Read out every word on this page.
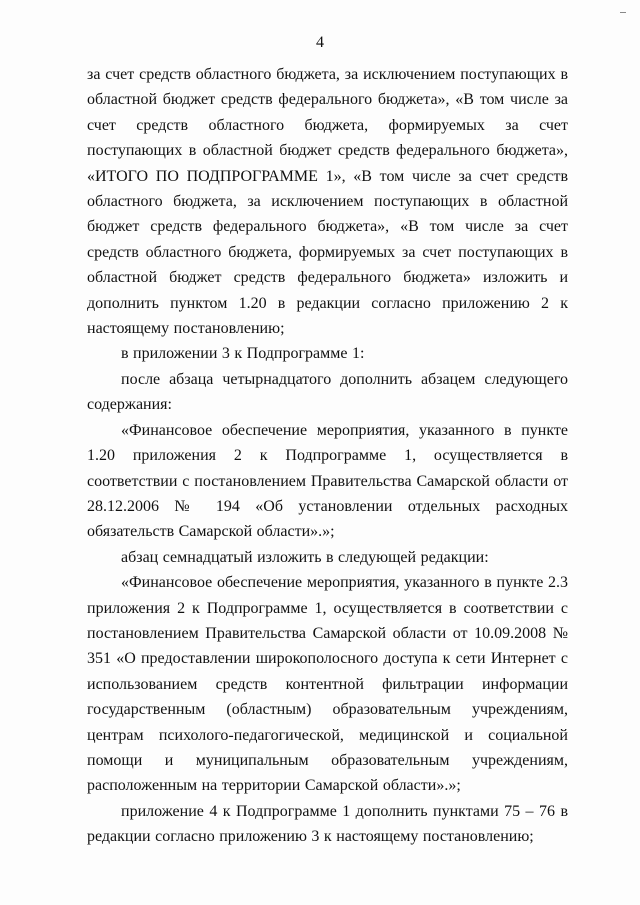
4

за счет средств областного бюджета, за исключением поступающих в областной бюджет средств федерального бюджета», «В том числе за счет средств областного бюджета, формируемых за счет поступающих в областной бюджет средств федерального бюджета», «ИТОГО ПО ПОДПРОГРАММЕ 1», «В том числе за счет средств областного бюджета, за исключением поступающих в областной бюджет средств федерального бюджета», «В том числе за счет средств областного бюджета, формируемых за счет поступающих в областной бюджет средств федерального бюджета» изложить и дополнить пунктом 1.20 в редакции согласно приложению 2 к настоящему постановлению;

в приложении 3 к Подпрограмме 1:

после абзаца четырнадцатого дополнить абзацем следующего содержания:

«Финансовое обеспечение мероприятия, указанного в пункте 1.20 приложения 2 к Подпрограмме 1, осуществляется в соответствии с постановлением Правительства Самарской области от 28.12.2006 № 194 «Об установлении отдельных расходных обязательств Самарской области».»;

абзац семнадцатый изложить в следующей редакции:

«Финансовое обеспечение мероприятия, указанного в пункте 2.3 приложения 2 к Подпрограмме 1, осуществляется в соответствии с постановлением Правительства Самарской области от 10.09.2008 № 351 «О предоставлении широкополосного доступа к сети Интернет с использованием средств контентной фильтрации информации государственным (областным) образовательным учреждениям, центрам психолого-педагогической, медицинской и социальной помощи и муниципальным образовательным учреждениям, расположенным на территории Самарской области».»;

приложение 4 к Подпрограмме 1 дополнить пунктами 75 – 76 в редакции согласно приложению 3 к настоящему постановлению;
